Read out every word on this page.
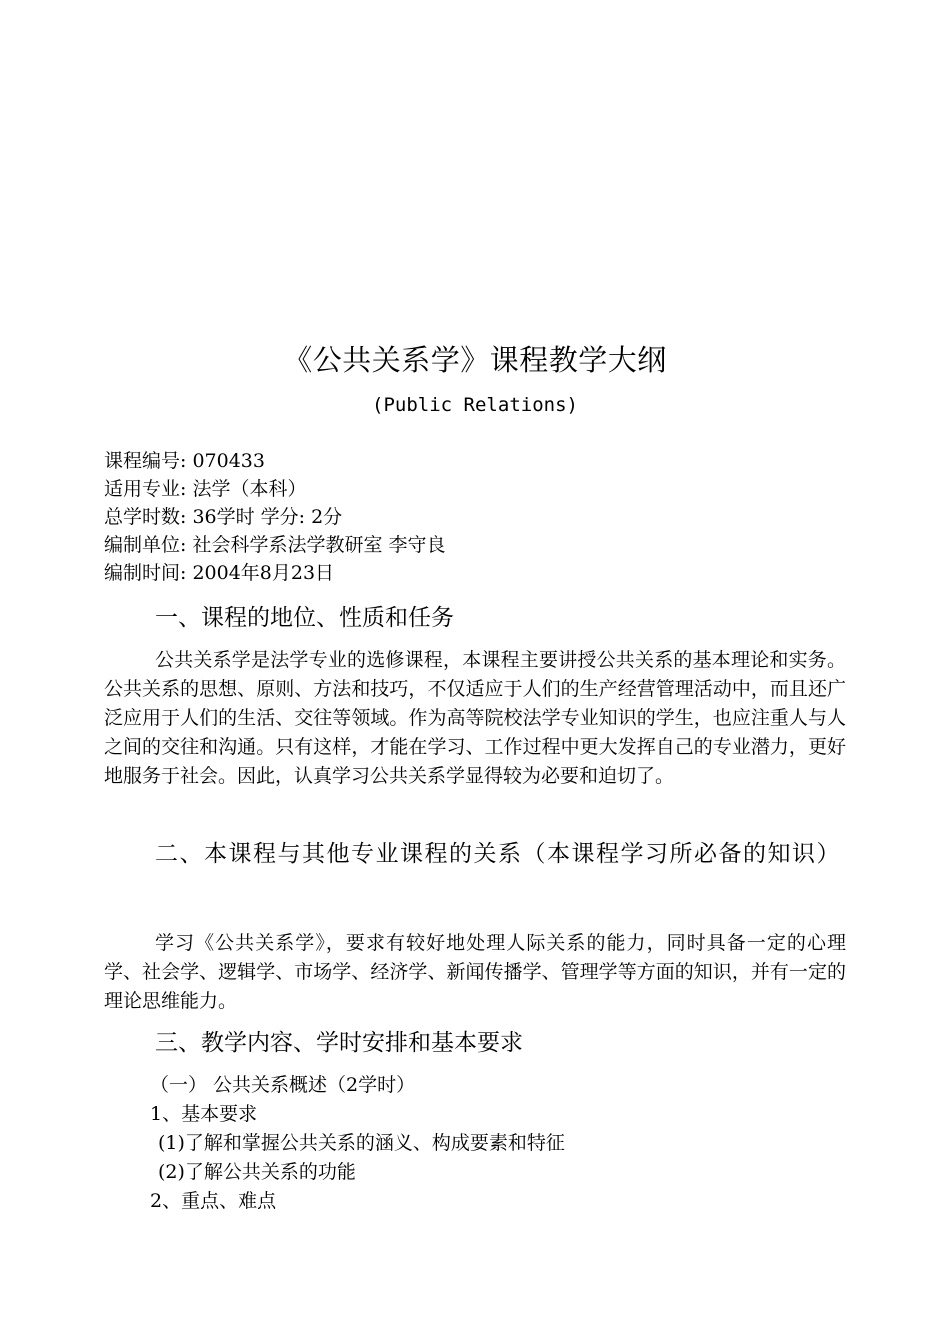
《公共关系学》课程教学大纲
(Public Relations)
课程编号: 070433
适用专业: 法学（本科）
总学时数: 36学时 学分: 2分
编制单位: 社会科学系法学教研室 李守良
编制时间: 2004年8月23日
一、课程的地位、性质和任务
公共关系学是法学专业的选修课程，本课程主要讲授公共关系的基本理论和实务。公共关系的思想、原则、方法和技巧，不仅适应于人们的生产经营管理活动中，而且还广泛应用于人们的生活、交往等领域。作为高等院校法学专业知识的学生，也应注重人与人之间的交往和沟通。只有这样，才能在学习、工作过程中更大发挥自己的专业潜力，更好地服务于社会。因此，认真学习公共关系学显得较为必要和迫切了。
二、本课程与其他专业课程的关系（本课程学习所必备的知识）
学习《公共关系学》，要求有较好地处理人际关系的能力，同时具备一定的心理学、社会学、逻辑学、市场学、经济学、新闻传播学、管理学等方面的知识，并有一定的理论思维能力。
三、教学内容、学时安排和基本要求
（一） 公共关系概述（2学时）
1、基本要求
(1)了解和掌握公共关系的涵义、构成要素和特征
(2)了解公共关系的功能
2、重点、难点
